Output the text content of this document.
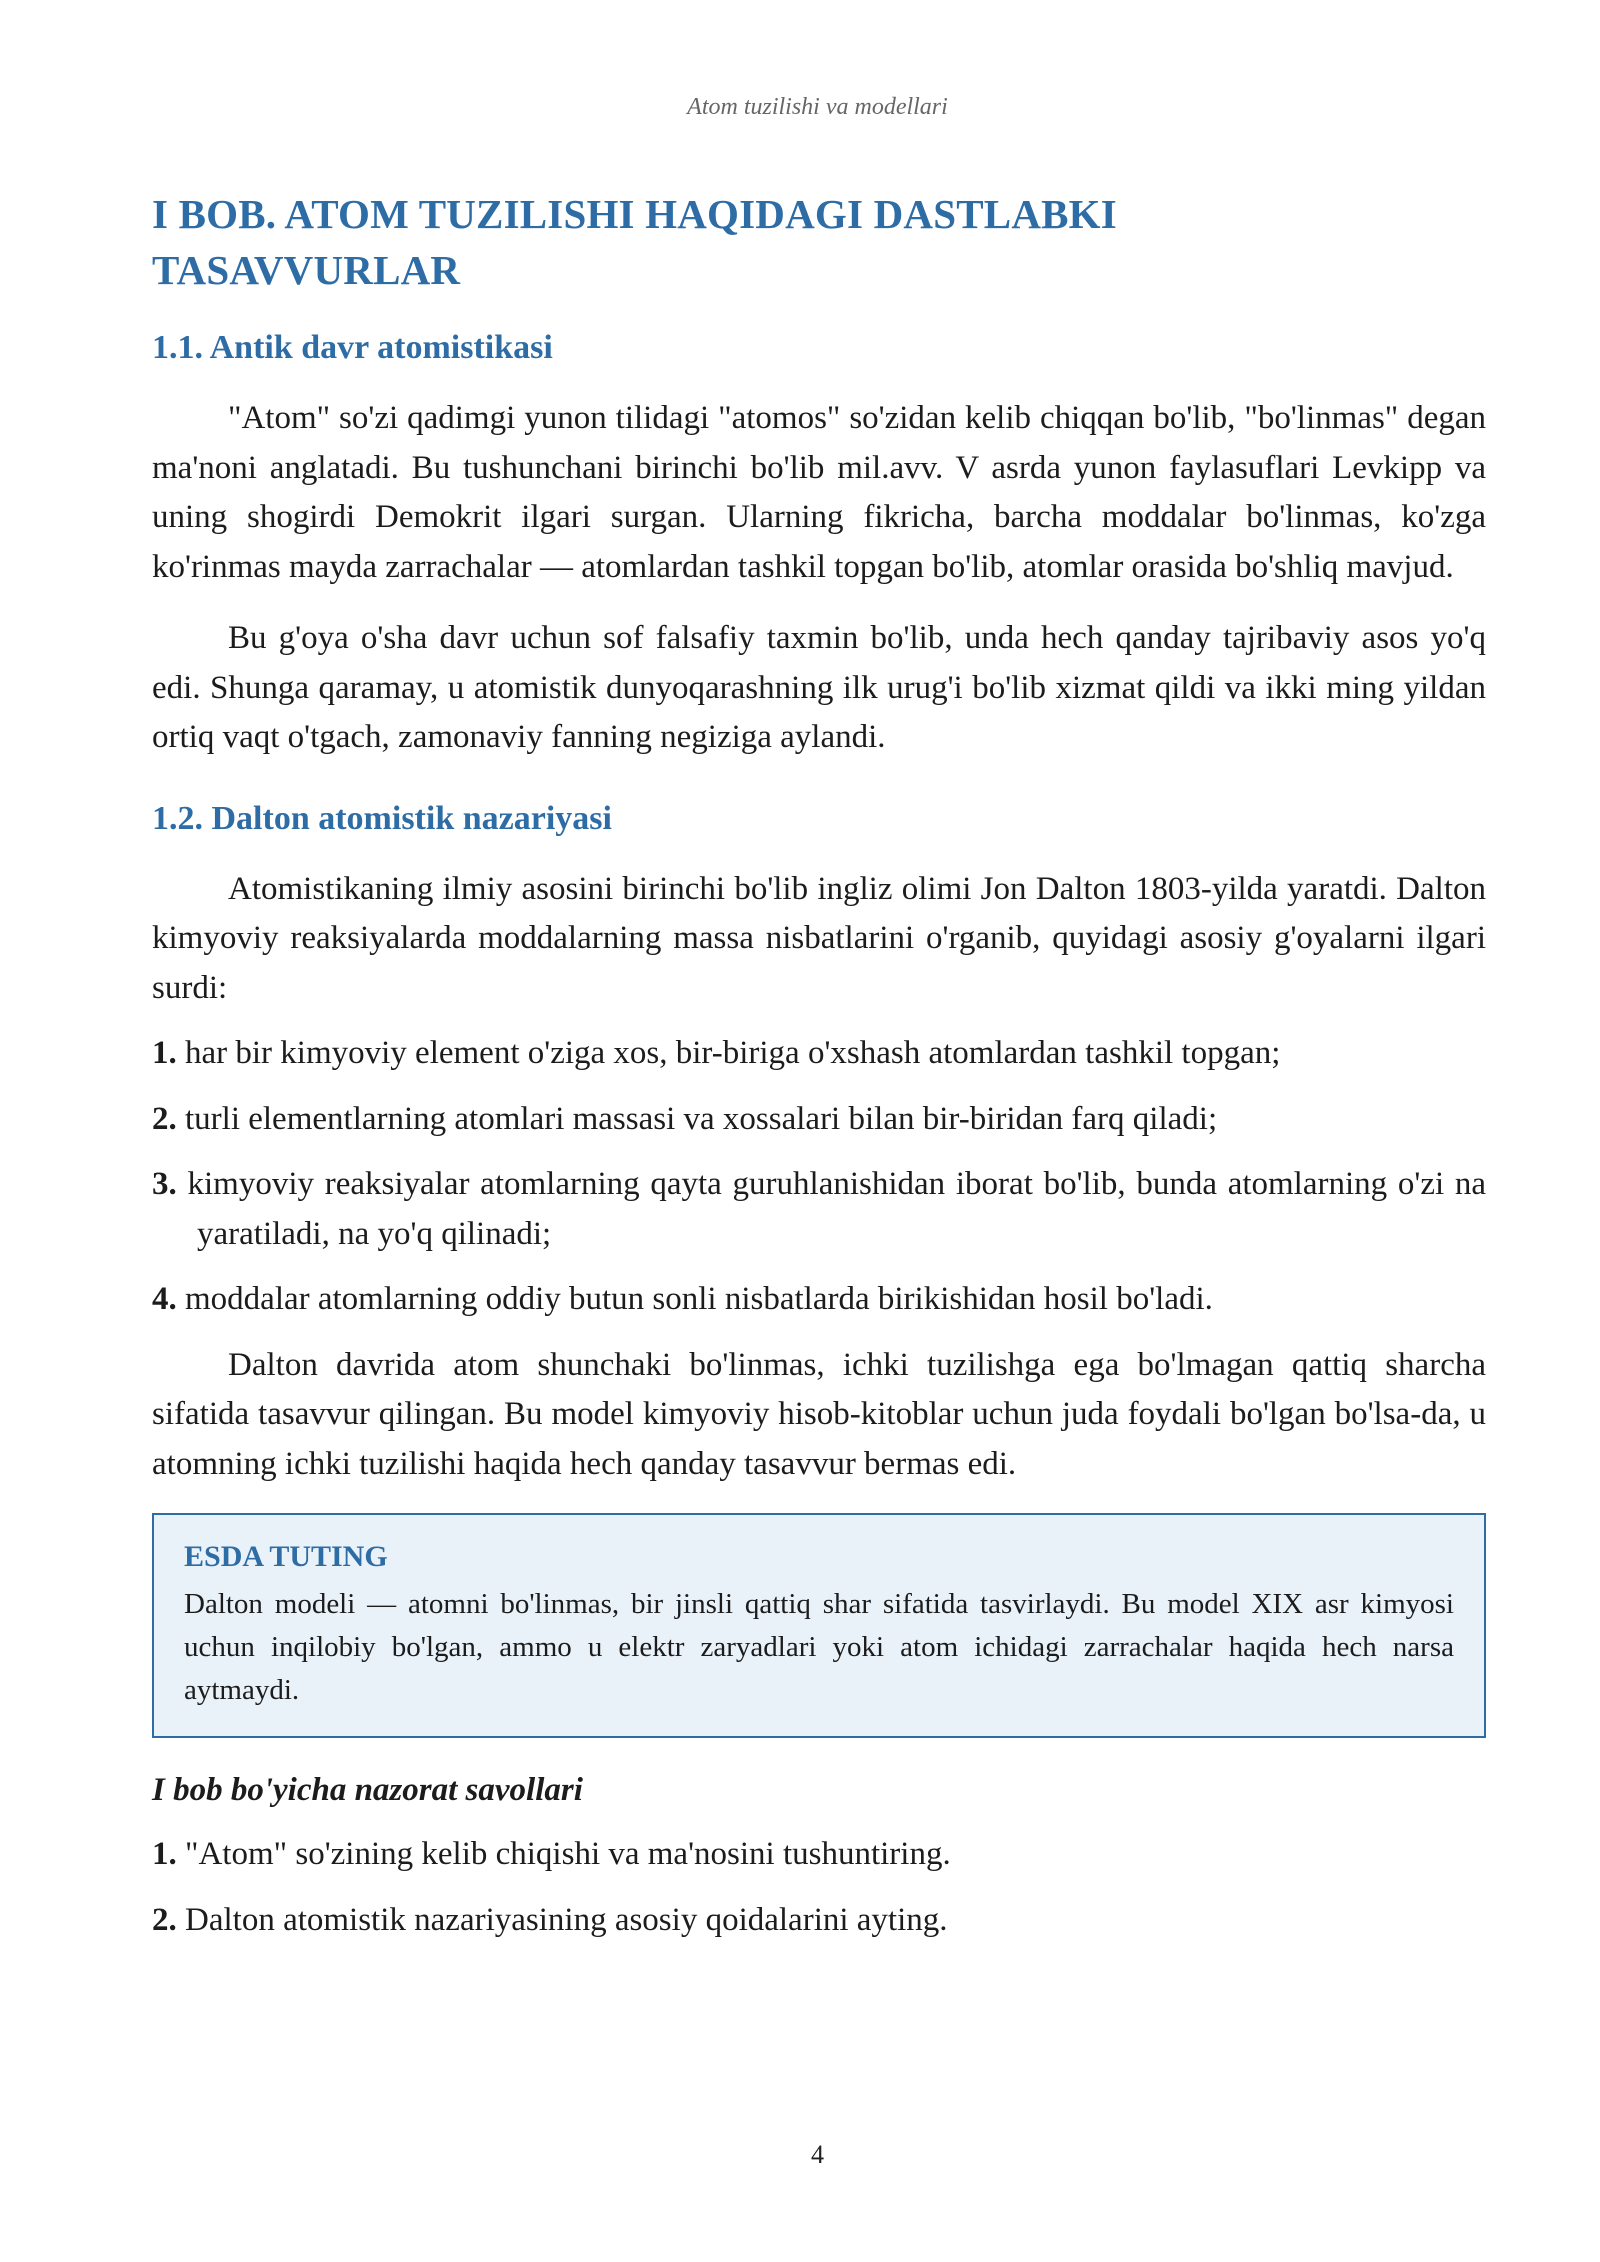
Atom tuzilishi va modellari
I BOB. ATOM TUZILISHI HAQIDAGI DASTLABKI
TASAVVURLAR
1.1. Antik davr atomistikasi

"Atom" so'zi qadimgi yunon tilidagi "atomos" so'zidan kelib chiqqan bo'lib, "bo'linmas" degan ma'noni anglatadi. Bu tushunchani birinchi bo'lib mil.avv. V asrda yunon faylasuflari Levkipp va uning shogirdi Demokrit ilgari surgan. Ularning fikricha, barcha moddalar bo'linmas, ko'zga ko'rinmas mayda zarrachalar — atomlardan tashkil topgan bo'lib, atomlar orasida bo'shliq mavjud.

Bu g'oya o'sha davr uchun sof falsafiy taxmin bo'lib, unda hech qanday tajribaviy asos yo'q edi. Shunga qaramay, u atomistik dunyoqarashning ilk urug'i bo'lib xizmat qildi va ikki ming yildan ortiq vaqt o'tgach, zamonaviy fanning negiziga aylandi.

1.2. Dalton atomistik nazariyasi

Atomistikaning ilmiy asosini birinchi bo'lib ingliz olimi Jon Dalton 1803-yilda yaratdi. Dalton kimyoviy reaksiyalarda moddalarning massa nisbatlarini o'rganib, quyidagi asosiy g'oyalarni ilgari surdi:

1. har bir kimyoviy element o'ziga xos, bir-biriga o'xshash atomlardan tashkil topgan;
2. turli elementlarning atomlari massasi va xossalari bilan bir-biridan farq qiladi;
3. kimyoviy reaksiyalar atomlarning qayta guruhlanishidan iborat bo'lib, bunda atomlarning o'zi na yaratiladi, na yo'q qilinadi;
4. moddalar atomlarning oddiy butun sonli nisbatlarda birikishidan hosil bo'ladi.

Dalton davrida atom shunchaki bo'linmas, ichki tuzilishga ega bo'lmagan qattiq sharcha sifatida tasavvur qilingan. Bu model kimyoviy hisob-kitoblar uchun juda foydali bo'lgan bo'lsa-da, u atomning ichki tuzilishi haqida hech qanday tasavvur bermas edi.

ESDA TUTING
Dalton modeli — atomni bo'linmas, bir jinsli qattiq shar sifatida tasvirlaydi. Bu model XIX asr kimyosi uchun inqilobiy bo'lgan, ammo u elektr zaryadlari yoki atom ichidagi zarrachalar haqida hech narsa aytmaydi.
I bob bo'yicha nazorat savollari
1. "Atom" so'zining kelib chiqishi va ma'nosini tushuntiring.
2. Dalton atomistik nazariyasining asosiy qoidalarini ayting.
4
